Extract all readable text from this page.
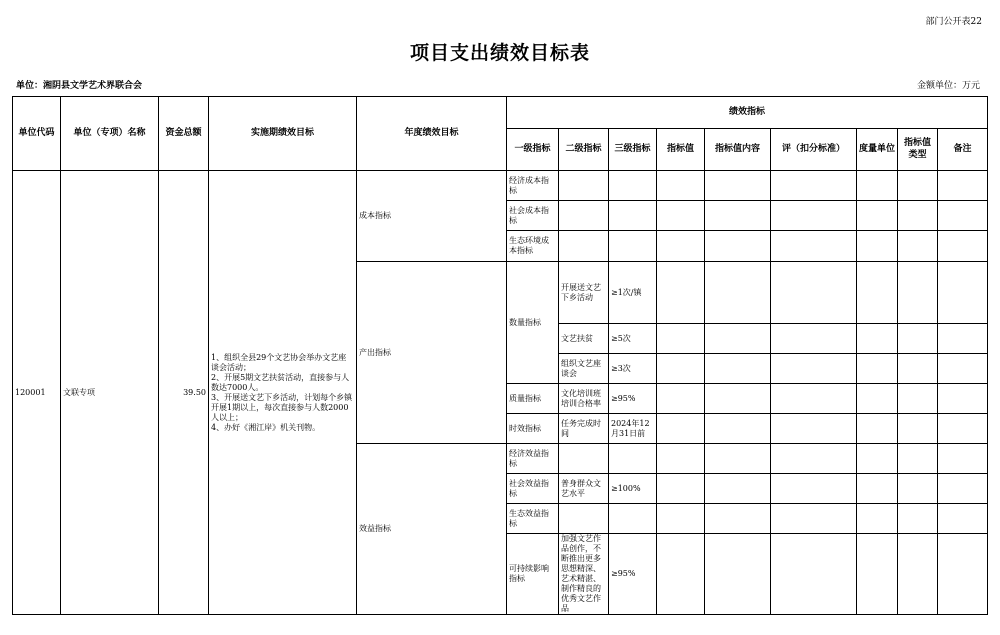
部门公开表22
项目支出绩效目标表
单位：湘阴县文学艺术界联合会	金额单位：万元
单位代码	单位（专项）名称	资金总额	实施期绩效目标	年度绩效目标	绩效指标								
					一级指标	二级指标	三级指标	指标值	指标值内容	评（扣分标准）	度量单位	指标值类型	备注
120001	文联专项	39.50	1、组织全县29个文艺协会举办文艺座谈会活动；
2、开展5期文艺扶贫活动，直接参与人数达7000人。
3、开展送文艺下乡活动，计划每个乡镇开展1期以上，每次直接参与人数2000人以上；
4、办好《湘江岸》机关刊物。	成本指标	经济成本指标								
					社会成本指标								
					生态环境成本指标								
				产出指标	数量指标	开展送文艺下乡活动	≥1次/镇						
						文艺扶贫	≥5次						
						组织文艺座谈会	≥3次						
					质量指标	文化培训班培训合格率	≥95%						
					时效指标	任务完成时间	2024年12月31日前						
				效益指标	经济效益指标								
					社会效益指标	普身群众文艺水平	≥100%						
					生态效益指标								
					可持续影响指标	加强文艺作品创作，不断推出更多思想精深、艺术精湛、制作精良的优秀文艺作品	≥95%						
